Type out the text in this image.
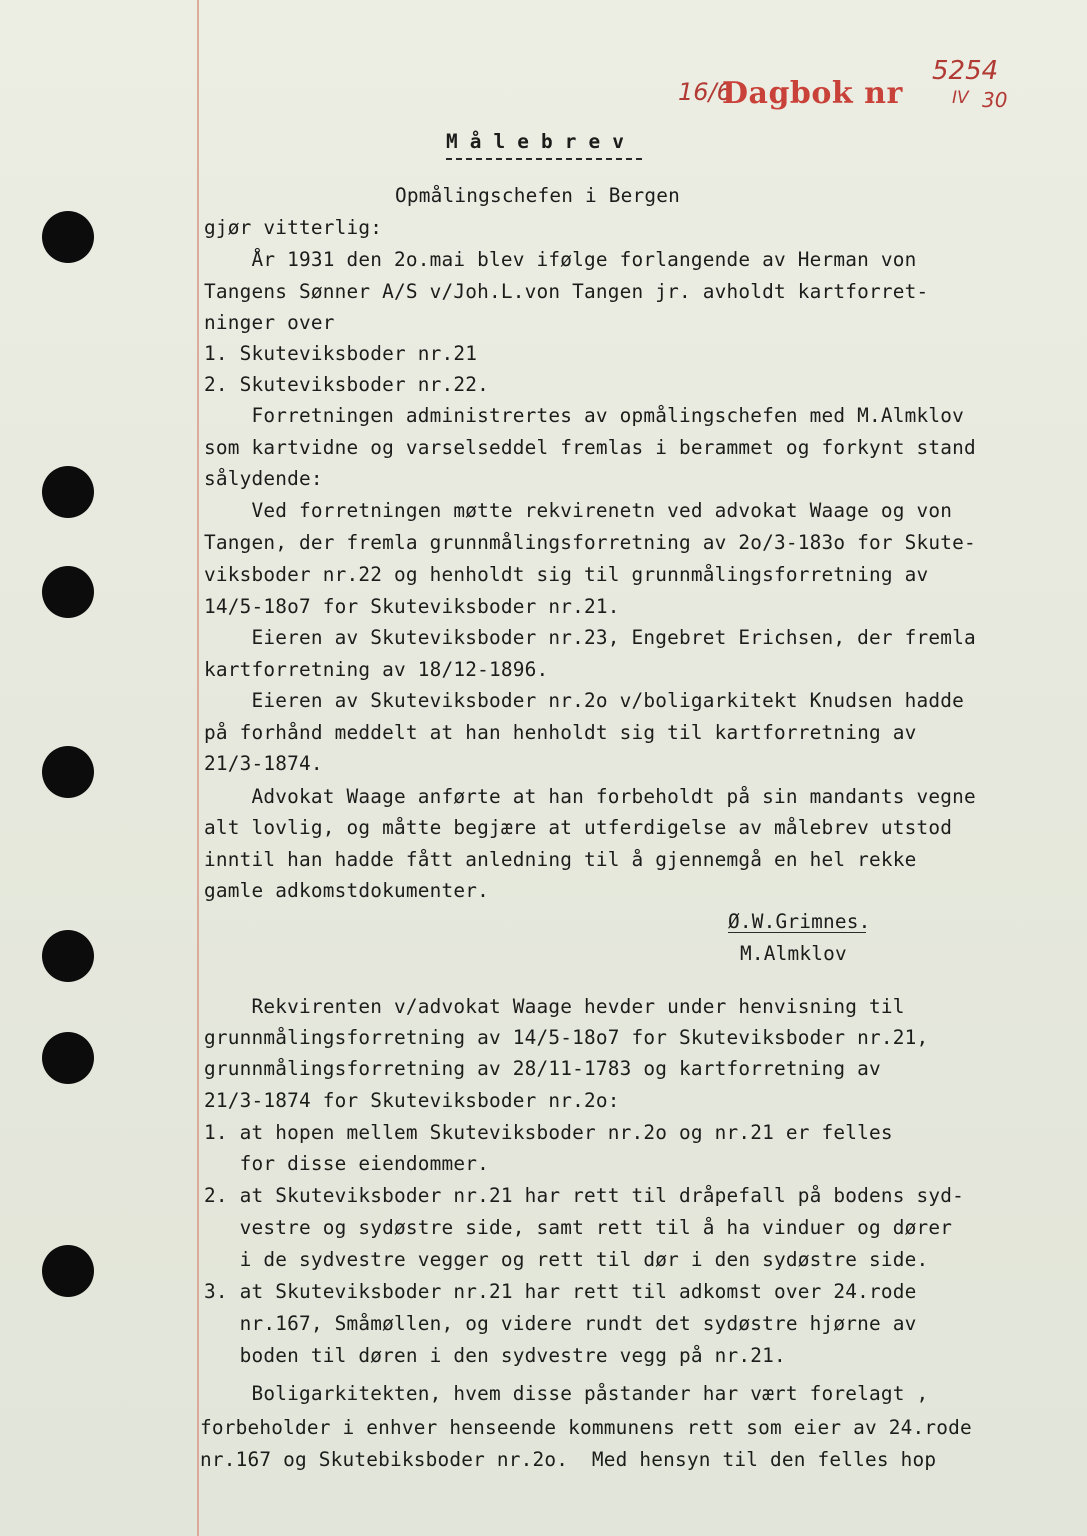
16/6
Dagbok nr
5254
IV 30

M å l e b r e v

Opmålingschefen i Bergen

gjør vitterlig:

År 1931 den 2o.mai blev ifølge forlangende av Herman von

Tangens Sønner A/S v/Joh.L.von Tangen jr. avholdt kartforret-

ninger over

1. Skuteviksboder nr.21

2. Skuteviksboder nr.22.

Forretningen administrertes av opmålingschefen med M.Almklov

som kartvidne og varselseddel fremlas i berammet og forkynt stand

sålydende:

Ved forretningen møtte rekvirenetn ved advokat Waage og von

Tangen, der fremla grunnmålingsforretning av 2o/3-183o for Skute-

viksboder nr.22 og henholdt sig til grunnmålingsforretning av

14/5-18o7 for Skuteviksboder nr.21.

Eieren av Skuteviksboder nr.23, Engebret Erichsen, der fremla

kartforretning av 18/12-1896.

Eieren av Skuteviksboder nr.2o v/boligarkitekt Knudsen hadde

på forhånd meddelt at han henholdt sig til kartforretning av

21/3-1874.

Advokat Waage anførte at han forbeholdt på sin mandants vegne

alt lovlig, og måtte begjære at utferdigelse av målebrev utstod

inntil han hadde fått anledning til å gjennemgå en hel rekke

gamle adkomstdokumenter.

Ø.W.Grimnes.

M.Almklov

Rekvirenten v/advokat Waage hevder under henvisning til

grunnmålingsforretning av 14/5-18o7 for Skuteviksboder nr.21,

grunnmålingsforretning av 28/11-1783 og kartforretning av

21/3-1874 for Skuteviksboder nr.2o:

1. at hopen mellem Skuteviksboder nr.2o og nr.21 er felles

for disse eiendommer.

2. at Skuteviksboder nr.21 har rett til dråpefall på bodens syd-

vestre og sydøstre side, samt rett til å ha vinduer og dører

i de sydvestre vegger og rett til dør i den sydøstre side.

3. at Skuteviksboder nr.21 har rett til adkomst over 24.rode

nr.167, Småmøllen, og videre rundt det sydøstre hjørne av

boden til døren i den sydvestre vegg på nr.21.

Boligarkitekten, hvem disse påstander har vært forelagt ,

forbeholder i enhver henseende kommunens rett som eier av 24.rode

nr.167 og Skutebiksboder nr.2o.  Med hensyn til den felles hop
